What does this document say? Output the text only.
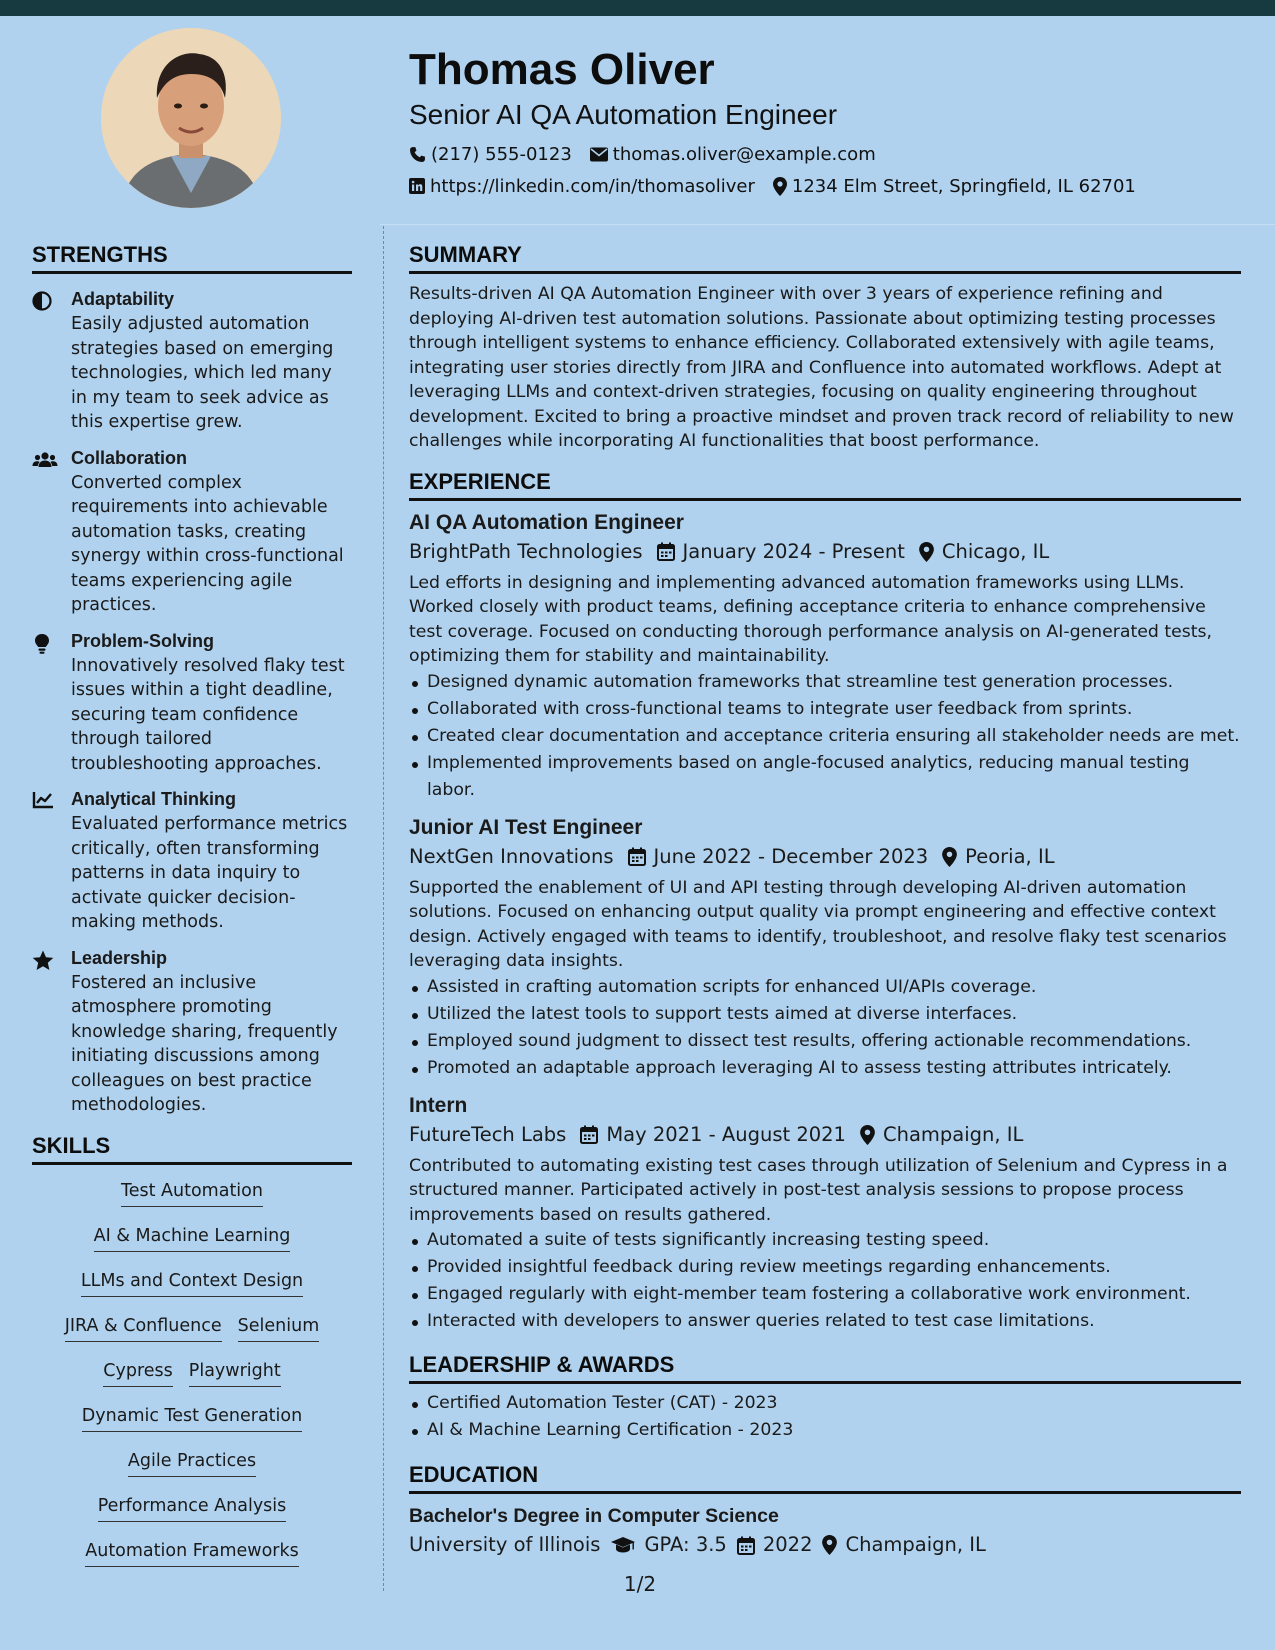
Thomas Oliver
Senior AI QA Automation Engineer
(217) 555-0123 thomas.oliver@example.com
https://linkedin.com/in/thomasoliver 1234 Elm Street, Springfield, IL 62701
STRENGTHS
Adaptability
Easily adjusted automation strategies based on emerging technologies, which led many in my team to seek advice as this expertise grew.
Collaboration
Converted complex requirements into achievable automation tasks, creating synergy within cross-functional teams experiencing agile practices.
Problem-Solving
Innovatively resolved flaky test issues within a tight deadline, securing team confidence through tailored troubleshooting approaches.
Analytical Thinking
Evaluated performance metrics critically, often transforming patterns in data inquiry to activate quicker decision-making methods.
Leadership
Fostered an inclusive atmosphere promoting knowledge sharing, frequently initiating discussions among colleagues on best practice methodologies.
SKILLS
Test Automation
AI & Machine Learning
LLMs and Context Design
JIRA & Confluence Selenium
Cypress Playwright
Dynamic Test Generation
Agile Practices
Performance Analysis
Automation Frameworks
SUMMARY
Results-driven AI QA Automation Engineer with over 3 years of experience refining and deploying AI-driven test automation solutions. Passionate about optimizing testing processes through intelligent systems to enhance efficiency. Collaborated extensively with agile teams, integrating user stories directly from JIRA and Confluence into automated workflows. Adept at leveraging LLMs and context-driven strategies, focusing on quality engineering throughout development. Excited to bring a proactive mindset and proven track record of reliability to new challenges while incorporating AI functionalities that boost performance.
EXPERIENCE
AI QA Automation Engineer
BrightPath Technologies January 2024 - Present Chicago, IL
Led efforts in designing and implementing advanced automation frameworks using LLMs. Worked closely with product teams, defining acceptance criteria to enhance comprehensive test coverage. Focused on conducting thorough performance analysis on AI-generated tests, optimizing them for stability and maintainability.
Designed dynamic automation frameworks that streamline test generation processes.
Collaborated with cross-functional teams to integrate user feedback from sprints.
Created clear documentation and acceptance criteria ensuring all stakeholder needs are met.
Implemented improvements based on angle-focused analytics, reducing manual testing labor.
Junior AI Test Engineer
NextGen Innovations June 2022 - December 2023 Peoria, IL
Supported the enablement of UI and API testing through developing AI-driven automation solutions. Focused on enhancing output quality via prompt engineering and effective context design. Actively engaged with teams to identify, troubleshoot, and resolve flaky test scenarios leveraging data insights.
Assisted in crafting automation scripts for enhanced UI/APIs coverage.
Utilized the latest tools to support tests aimed at diverse interfaces.
Employed sound judgment to dissect test results, offering actionable recommendations.
Promoted an adaptable approach leveraging AI to assess testing attributes intricately.
Intern
FutureTech Labs May 2021 - August 2021 Champaign, IL
Contributed to automating existing test cases through utilization of Selenium and Cypress in a structured manner. Participated actively in post-test analysis sessions to propose process improvements based on results gathered.
Automated a suite of tests significantly increasing testing speed.
Provided insightful feedback during review meetings regarding enhancements.
Engaged regularly with eight-member team fostering a collaborative work environment.
Interacted with developers to answer queries related to test case limitations.
LEADERSHIP & AWARDS
Certified Automation Tester (CAT) - 2023
AI & Machine Learning Certification - 2023
EDUCATION
Bachelor's Degree in Computer Science
University of Illinois GPA: 3.5 2022 Champaign, IL
1/2
